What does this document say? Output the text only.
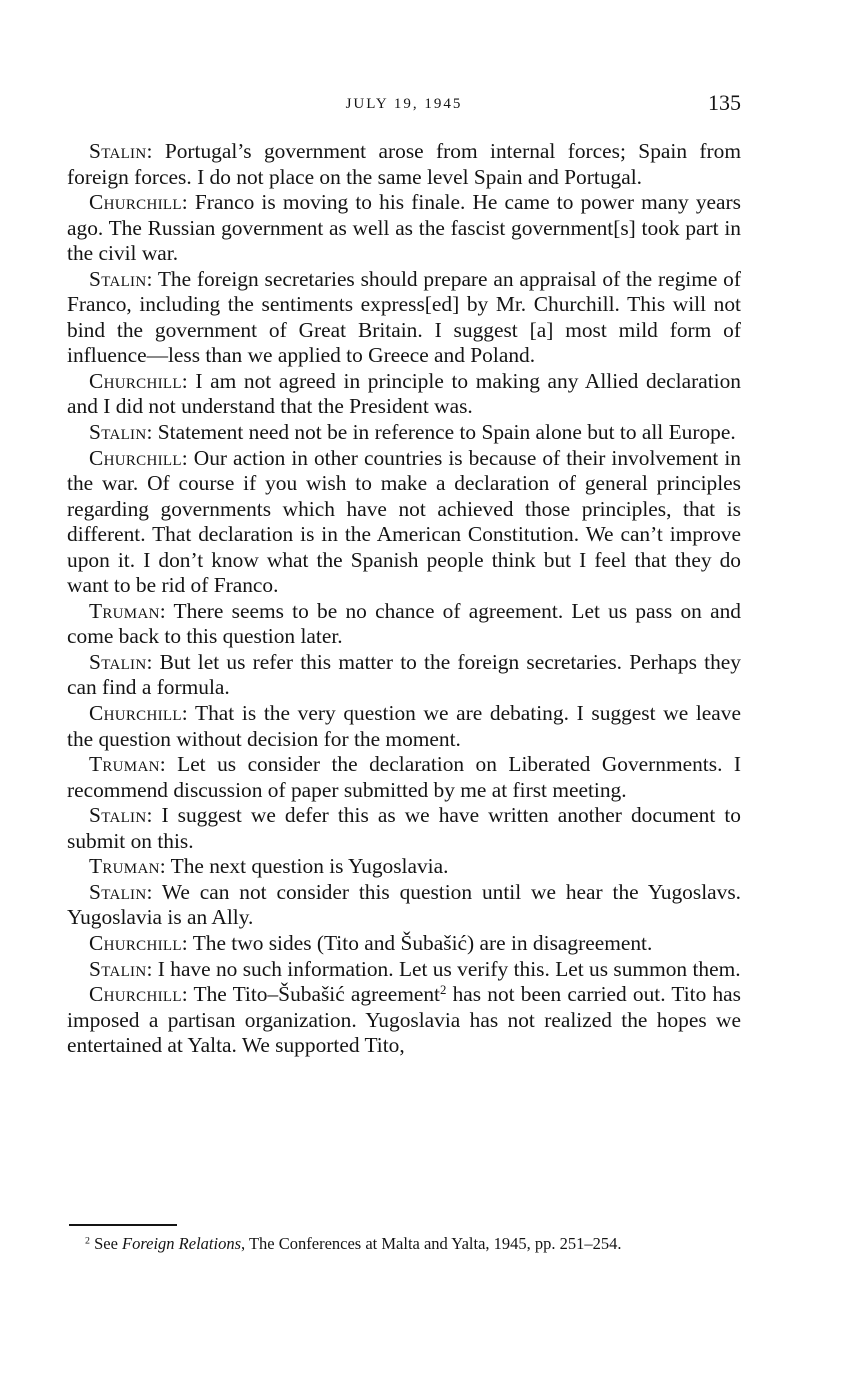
JULY 19, 1945	135

Stalin: Portugal’s government arose from internal forces; Spain from foreign forces. I do not place on the same level Spain and Portugal.

Churchill: Franco is moving to his finale. He came to power many years ago. The Russian government as well as the fascist government[s] took part in the civil war.

Stalin: The foreign secretaries should prepare an appraisal of the regime of Franco, including the sentiments express[ed] by Mr. Churchill. This will not bind the government of Great Britain. I suggest [a] most mild form of influence—less than we applied to Greece and Poland.

Churchill: I am not agreed in principle to making any Allied declaration and I did not understand that the President was.

Stalin: Statement need not be in reference to Spain alone but to all Europe.

Churchill: Our action in other countries is because of their involvement in the war. Of course if you wish to make a declaration of general principles regarding governments which have not achieved those principles, that is different. That declaration is in the American Constitution. We can’t improve upon it. I don’t know what the Spanish people think but I feel that they do want to be rid of Franco.

Truman: There seems to be no chance of agreement. Let us pass on and come back to this question later.

Stalin: But let us refer this matter to the foreign secretaries. Perhaps they can find a formula.

Churchill: That is the very question we are debating. I suggest we leave the question without decision for the moment.

Truman: Let us consider the declaration on Liberated Governments. I recommend discussion of paper submitted by me at first meeting.

Stalin: I suggest we defer this as we have written another document to submit on this.

Truman: The next question is Yugoslavia.

Stalin: We can not consider this question until we hear the Yugoslavs. Yugoslavia is an Ally.

Churchill: The two sides (Tito and Šubašić) are in disagreement.

Stalin: I have no such information. Let us verify this. Let us summon them.

Churchill: The Tito–Šubašić agreement$^2$ has not been carried out. Tito has imposed a partisan organization. Yugoslavia has not realized the hopes we entertained at Yalta. We supported Tito,

$^2$ See Foreign Relations, The Conferences at Malta and Yalta, 1945, pp. 251–254.
